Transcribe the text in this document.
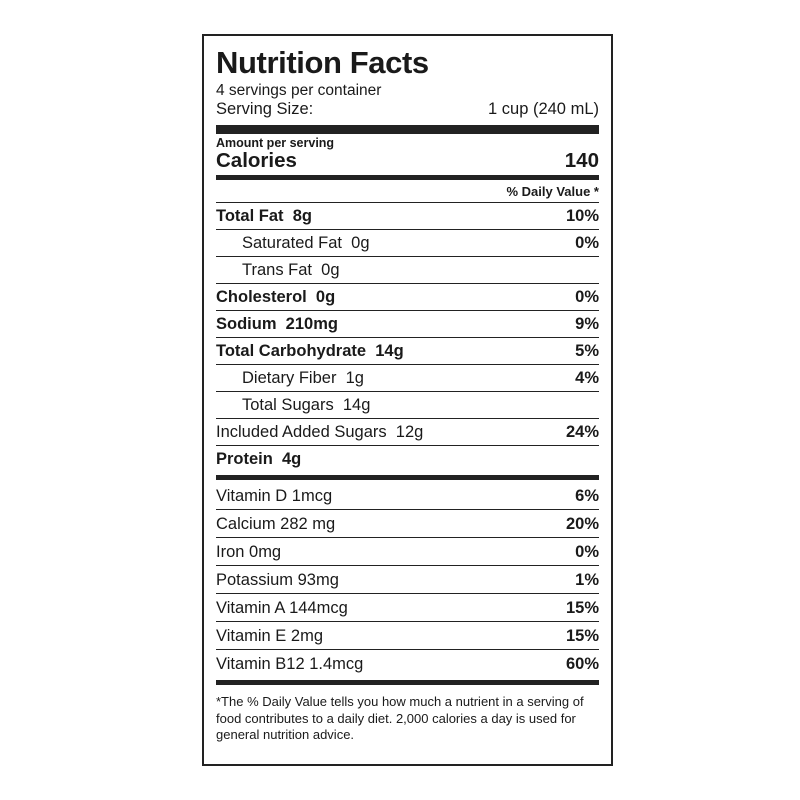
Nutrition Facts
4 servings per container
Serving Size:	1 cup (240 mL)
Amount per serving
Calories	140
% Daily Value *
Total Fat  8g	10%
Saturated Fat  0g	0%
Trans Fat  0g
Cholesterol  0g	0%
Sodium  210mg	9%
Total Carbohydrate  14g	5%
Dietary Fiber  1g	4%
Total Sugars  14g
Included Added Sugars  12g	24%
Protein  4g
Vitamin D 1mcg	6%
Calcium 282 mg	20%
Iron 0mg	0%
Potassium 93mg	1%
Vitamin A 144mcg	15%
Vitamin E 2mg	15%
Vitamin B12 1.4mcg	60%
*The % Daily Value tells you how much a nutrient in a serving of food contributes to a daily diet. 2,000 calories a day is used for general nutrition advice.
